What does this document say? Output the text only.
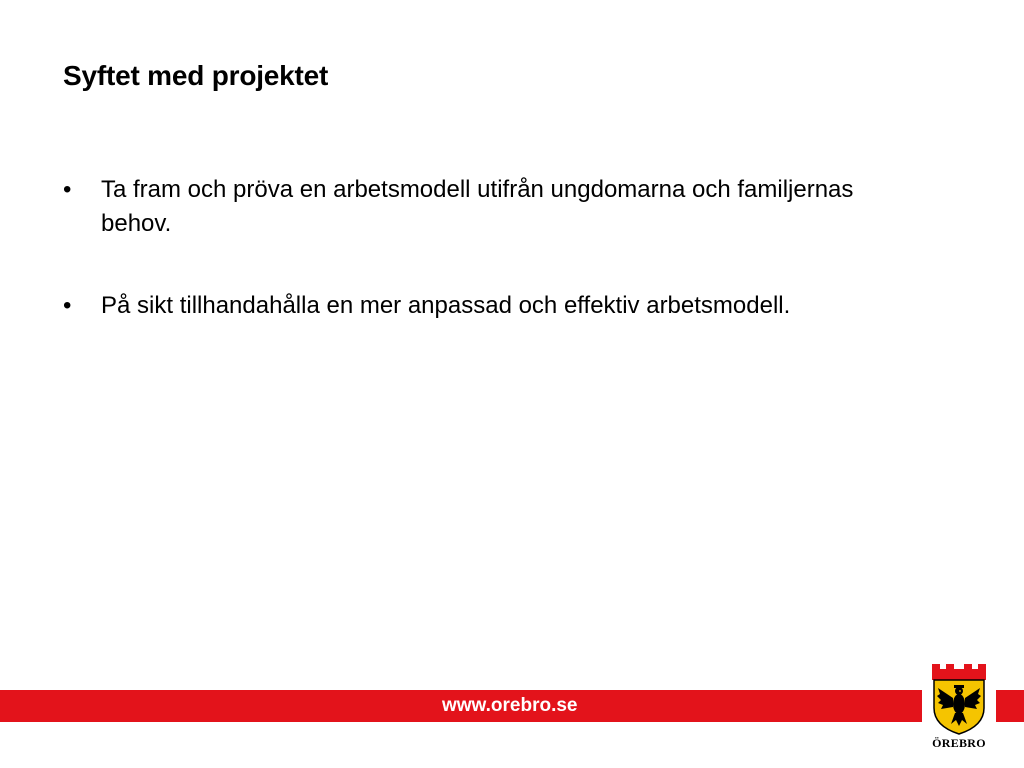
Syftet med projektet
• Ta fram och pröva en arbetsmodell utifrån ungdomarna och familjernas behov.
• På sikt tillhandahålla en mer anpassad och effektiv arbetsmodell.
www.orebro.se
ÖREBRO
